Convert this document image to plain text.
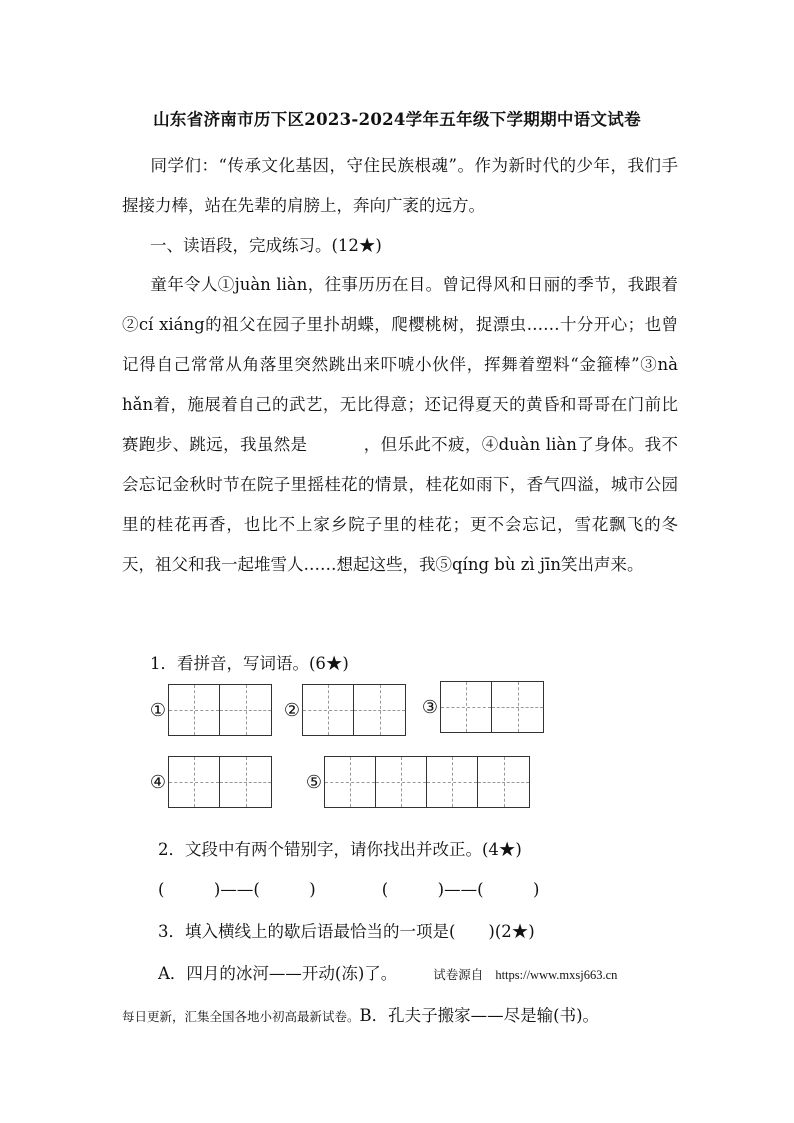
山东省济南市历下区2023-2024学年五年级下学期期中语文试卷
同学们：“传承文化基因，守住民族根魂”。作为新时代的少年，我们手握接力棒，站在先辈的肩膀上，奔向广袤的远方。
一、读语段，完成练习。(12★)
童年令人①juàn liàn，往事历历在目。曾记得风和日丽的季节，我跟着②cí xiáng的祖父在园子里扑胡蝶，爬樱桃树，捉漂虫……十分开心；也曾记得自己常常从角落里突然跳出来吓唬小伙伴，挥舞着塑料“金箍棒”③nà hǎn着，施展着自己的武艺，无比得意；还记得夏天的黄昏和哥哥在门前比赛跑步、跳远，我虽然是	，但乐此不疲，④duàn liàn了身体。我不会忘记金秋时节在院子里摇桂花的情景，桂花如雨下，香气四溢，城市公园里的桂花再香，也比不上家乡院子里的桂花；更不会忘记，雪花飘飞的冬天，祖父和我一起堆雪人……想起这些，我⑤qíng bù zì jīn笑出声来。
1．看拼音，写词语。(6★)
①	②	③
④	⑤
2．文段中有两个错别字，请你找出并改正。(4★)
(　　　)——(　　　)　　　　(　　　)——(　　　)
3．填入横线上的歇后语最恰当的一项是(　　)(2★)
A．四月的冰河——开动(冻)了。	试卷源自 https://www.mxsj663.cn
每日更新，汇集全国各地小初高最新试卷。B．孔夫子搬家——尽是输(书)。
